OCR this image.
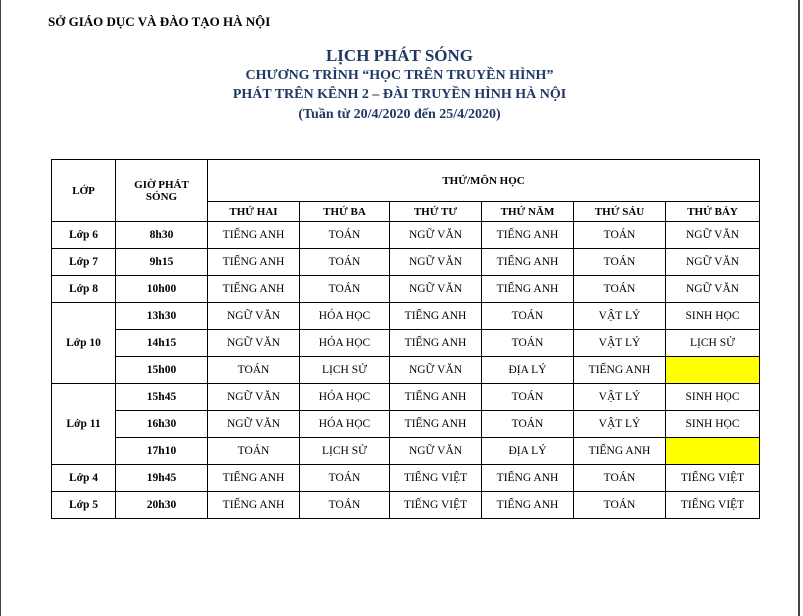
SỞ GIÁO DỤC VÀ ĐÀO TẠO HÀ NỘI
LỊCH PHÁT SÓNG
CHƯƠNG TRÌNH “HỌC TRÊN TRUYỀN HÌNH”
PHÁT TRÊN KÊNH 2 – ĐÀI TRUYỀN HÌNH HÀ NỘI
(Tuần từ 20/4/2020 đến 25/4/2020)
LỚP	GIỜ PHÁT SÓNG	THỨ/MÔN HỌC					
		THỨ HAI	THỨ BA	THỨ TƯ	THỨ NĂM	THỨ SÁU	THỨ BẢY
Lớp 6	8h30	TIẾNG ANH	TOÁN	NGỮ VĂN	TIẾNG ANH	TOÁN	NGỮ VĂN
Lớp 7	9h15	TIẾNG ANH	TOÁN	NGỮ VĂN	TIẾNG ANH	TOÁN	NGỮ VĂN
Lớp 8	10h00	TIẾNG ANH	TOÁN	NGỮ VĂN	TIẾNG ANH	TOÁN	NGỮ VĂN
Lớp 10	13h30	NGỮ VĂN	HÓA HỌC	TIẾNG ANH	TOÁN	VẬT LÝ	SINH HỌC
	14h15	NGỮ VĂN	HÓA HỌC	TIẾNG ANH	TOÁN	VẬT LÝ	LỊCH SỬ
	15h00	TOÁN	LỊCH SỬ	NGỮ VĂN	ĐỊA LÝ	TIẾNG ANH	
Lớp 11	15h45	NGỮ VĂN	HÓA HỌC	TIẾNG ANH	TOÁN	VẬT LÝ	SINH HỌC
	16h30	NGỮ VĂN	HÓA HỌC	TIẾNG ANH	TOÁN	VẬT LÝ	SINH HỌC
	17h10	TOÁN	LỊCH SỬ	NGỮ VĂN	ĐỊA LÝ	TIẾNG ANH	
Lớp 4	19h45	TIẾNG ANH	TOÁN	TIẾNG VIỆT	TIẾNG ANH	TOÁN	TIẾNG VIỆT
Lớp 5	20h30	TIẾNG ANH	TOÁN	TIẾNG VIỆT	TIẾNG ANH	TOÁN	TIẾNG VIỆT
